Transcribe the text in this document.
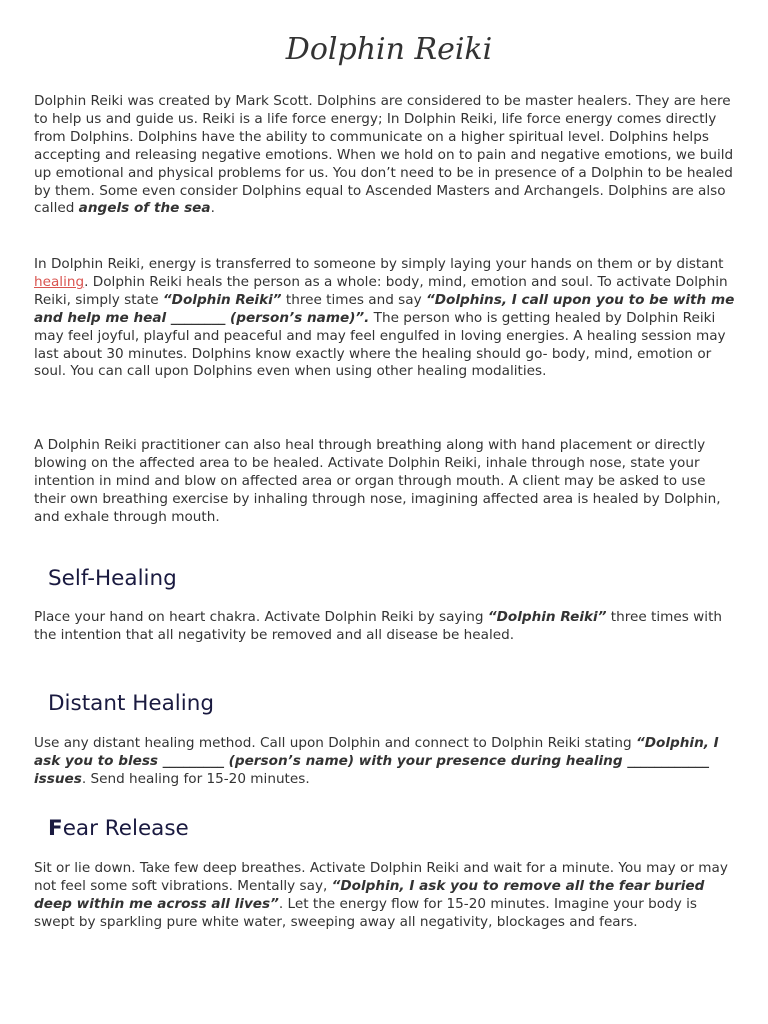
Dolphin Reiki

Dolphin Reiki was created by Mark Scott. Dolphins are considered to be master healers. They are here to help us and guide us. Reiki is a life force energy; In Dolphin Reiki, life force energy comes directly from Dolphins. Dolphins have the ability to communicate on a higher spiritual level. Dolphins helps accepting and releasing negative emotions. When we hold on to pain and negative emotions, we build up emotional and physical problems for us. You don’t need to be in presence of a Dolphin to be healed by them. Some even consider Dolphins equal to Ascended Masters and Archangels. Dolphins are also called angels of the sea.

In Dolphin Reiki, energy is transferred to someone by simply laying your hands on them or by distant healing. Dolphin Reiki heals the person as a whole: body, mind, emotion and soul. To activate Dolphin Reiki, simply state “Dolphin Reiki” three times and say “Dolphins, I call upon you to be with me and help me heal ________ (person’s name)”. The person who is getting healed by Dolphin Reiki may feel joyful, playful and peaceful and may feel engulfed in loving energies. A healing session may last about 30 minutes. Dolphins know exactly where the healing should go- body, mind, emotion or soul. You can call upon Dolphins even when using other healing modalities.

A Dolphin Reiki practitioner can also heal through breathing along with hand placement or directly blowing on the affected area to be healed. Activate Dolphin Reiki, inhale through nose, state your intention in mind and blow on affected area or organ through mouth. A client may be asked to use their own breathing exercise by inhaling through nose, imagining affected area is healed by Dolphin, and exhale through mouth.

Self-Healing

Place your hand on heart chakra. Activate Dolphin Reiki by saying “Dolphin Reiki” three times with the intention that all negativity be removed and all disease be healed.

Distant Healing

Use any distant healing method. Call upon Dolphin and connect to Dolphin Reiki stating “Dolphin, I ask you to bless _________ (person’s name) with your presence during healing ____________ issues. Send healing for 15-20 minutes.

Fear Release

Sit or lie down. Take few deep breathes. Activate Dolphin Reiki and wait for a minute. You may or may not feel some soft vibrations. Mentally say, “Dolphin, I ask you to remove all the fear buried deep within me across all lives”. Let the energy flow for 15-20 minutes. Imagine your body is swept by sparkling pure white water, sweeping away all negativity, blockages and fears.
